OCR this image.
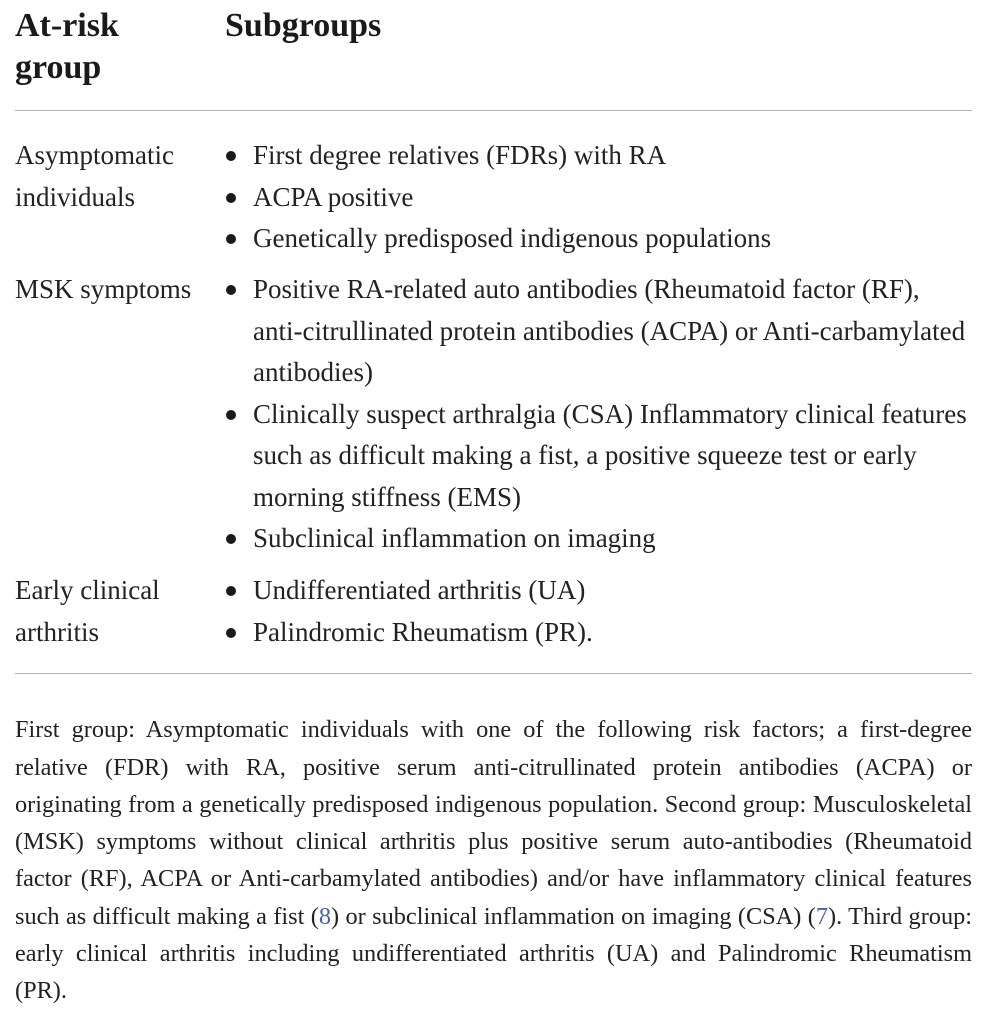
At-risk group
Subgroups
Asymptomatic individuals
First degree relatives (FDRs) with RA
ACPA positive
Genetically predisposed indigenous populations
MSK symptoms	Positive RA-related auto antibodies (Rheumatoid factor (RF), anti-citrullinated protein antibodies (ACPA) or Anti-carbamylated antibodies)
Clinically suspect arthralgia (CSA) Inflammatory clinical features such as difficult making a fist, a positive squeeze test or early morning stiffness (EMS)
Subclinical inflammation on imaging
Early clinical arthritis
Undifferentiated arthritis (UA)
Palindromic Rheumatism (PR).

First group: Asymptomatic individuals with one of the following risk factors; a first-degree relative (FDR) with RA, positive serum anti-citrullinated protein antibodies (ACPA) or originating from a genetically predisposed indigenous population. Second group: Musculoskeletal (MSK) symptoms without clinical arthritis plus positive serum auto-antibodies (Rheumatoid factor (RF), ACPA or Anti-carbamylated antibodies) and/or have inflammatory clinical features such as difficult making a fist (8) or subclinical inflammation on imaging (CSA) (7). Third group: early clinical arthritis including undifferentiated arthritis (UA) and Palindromic Rheumatism (PR).
